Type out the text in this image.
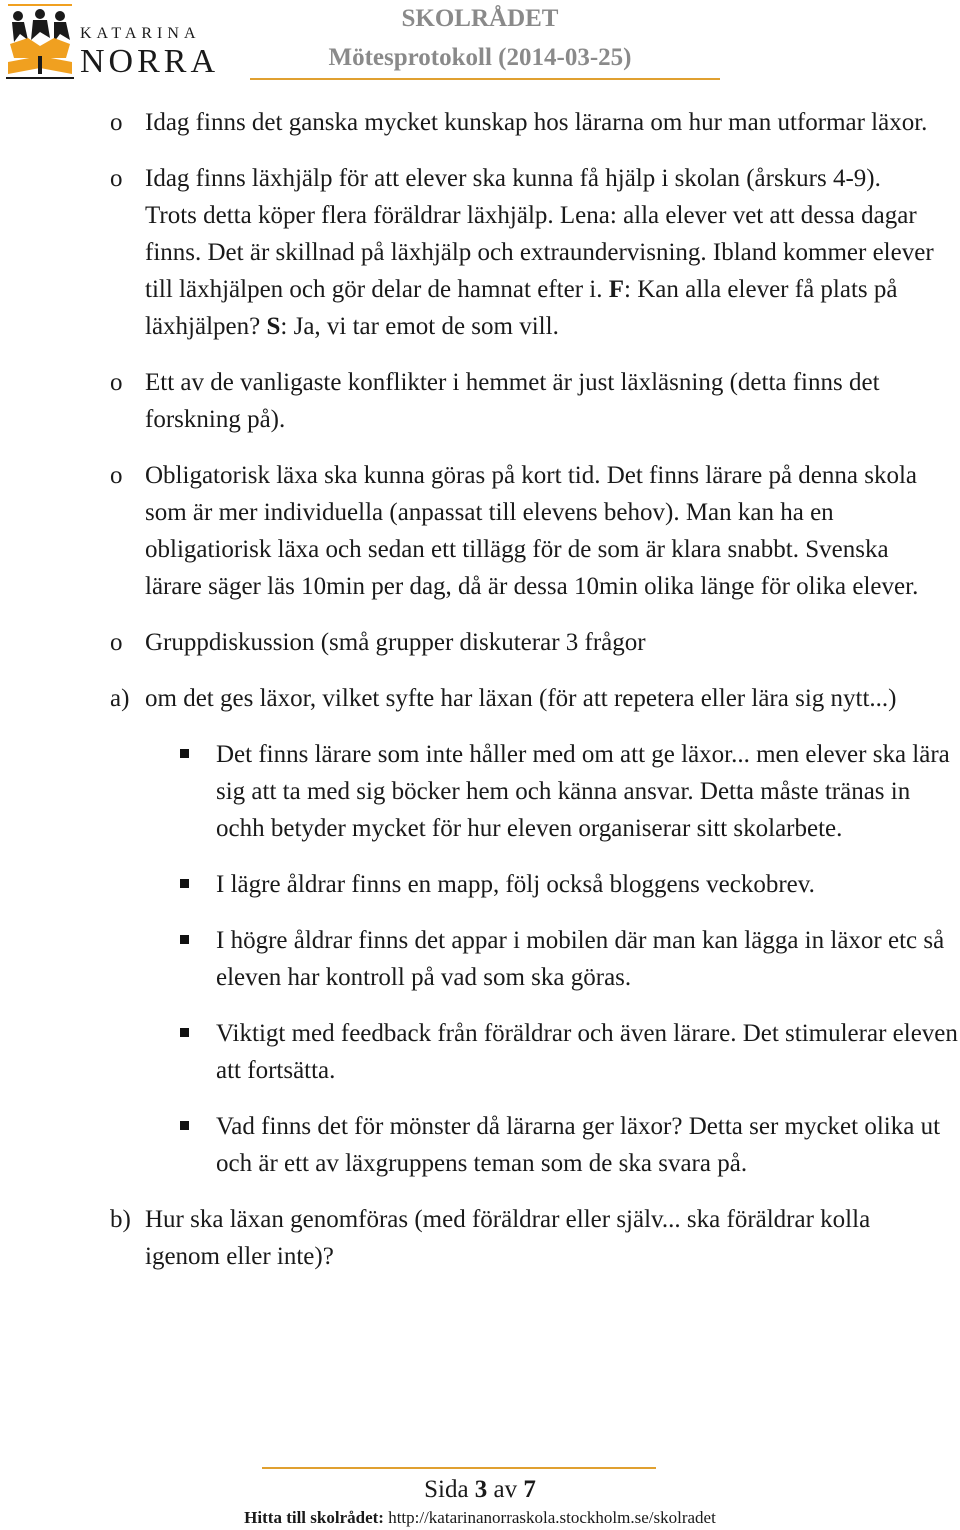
KATARINA
NORRA
SKOLRÅDET
Mötesprotokoll (2014-03-25)
o Idag finns det ganska mycket kunskap hos lärarna om hur man utformar läxor.
o Idag finns läxhjälp för att elever ska kunna få hjälp i skolan (årskurs 4-9). Trots detta köper flera föräldrar läxhjälp. Lena: alla elever vet att dessa dagar finns. Det är skillnad på läxhjälp och extraundervisning. Ibland kommer elever till läxhjälpen och gör delar de hamnat efter i. F: Kan alla elever få plats på läxhjälpen? S: Ja, vi tar emot de som vill.
o Ett av de vanligaste konflikter i hemmet är just läxläsning (detta finns det forskning på).
o Obligatorisk läxa ska kunna göras på kort tid. Det finns lärare på denna skola som är mer individuella (anpassat till elevens behov). Man kan ha en obligatiorisk läxa och sedan ett tillägg för de som är klara snabbt. Svenska lärare säger läs 10min per dag, då är dessa 10min olika länge för olika elever.
o Gruppdiskussion (små grupper diskuterar 3 frågor
a) om det ges läxor, vilket syfte har läxan (för att repetera eller lära sig nytt...)
Det finns lärare som inte håller med om att ge läxor... men elever ska lära sig att ta med sig böcker hem och känna ansvar. Detta måste tränas in ochh betyder mycket för hur eleven organiserar sitt skolarbete.
I lägre åldrar finns en mapp, följ också bloggens veckobrev.
I högre åldrar finns det appar i mobilen där man kan lägga in läxor etc så eleven har kontroll på vad som ska göras.
Viktigt med feedback från föräldrar och även lärare. Det stimulerar eleven att fortsätta.
Vad finns det för mönster då lärarna ger läxor? Detta ser mycket olika ut och är ett av läxgruppens teman som de ska svara på.
b) Hur ska läxan genomföras (med föräldrar eller själv... ska föräldrar kolla igenom eller inte)?
Sida 3 av 7
Hitta till skolrådet: http://katarinanorraskola.stockholm.se/skolradet
